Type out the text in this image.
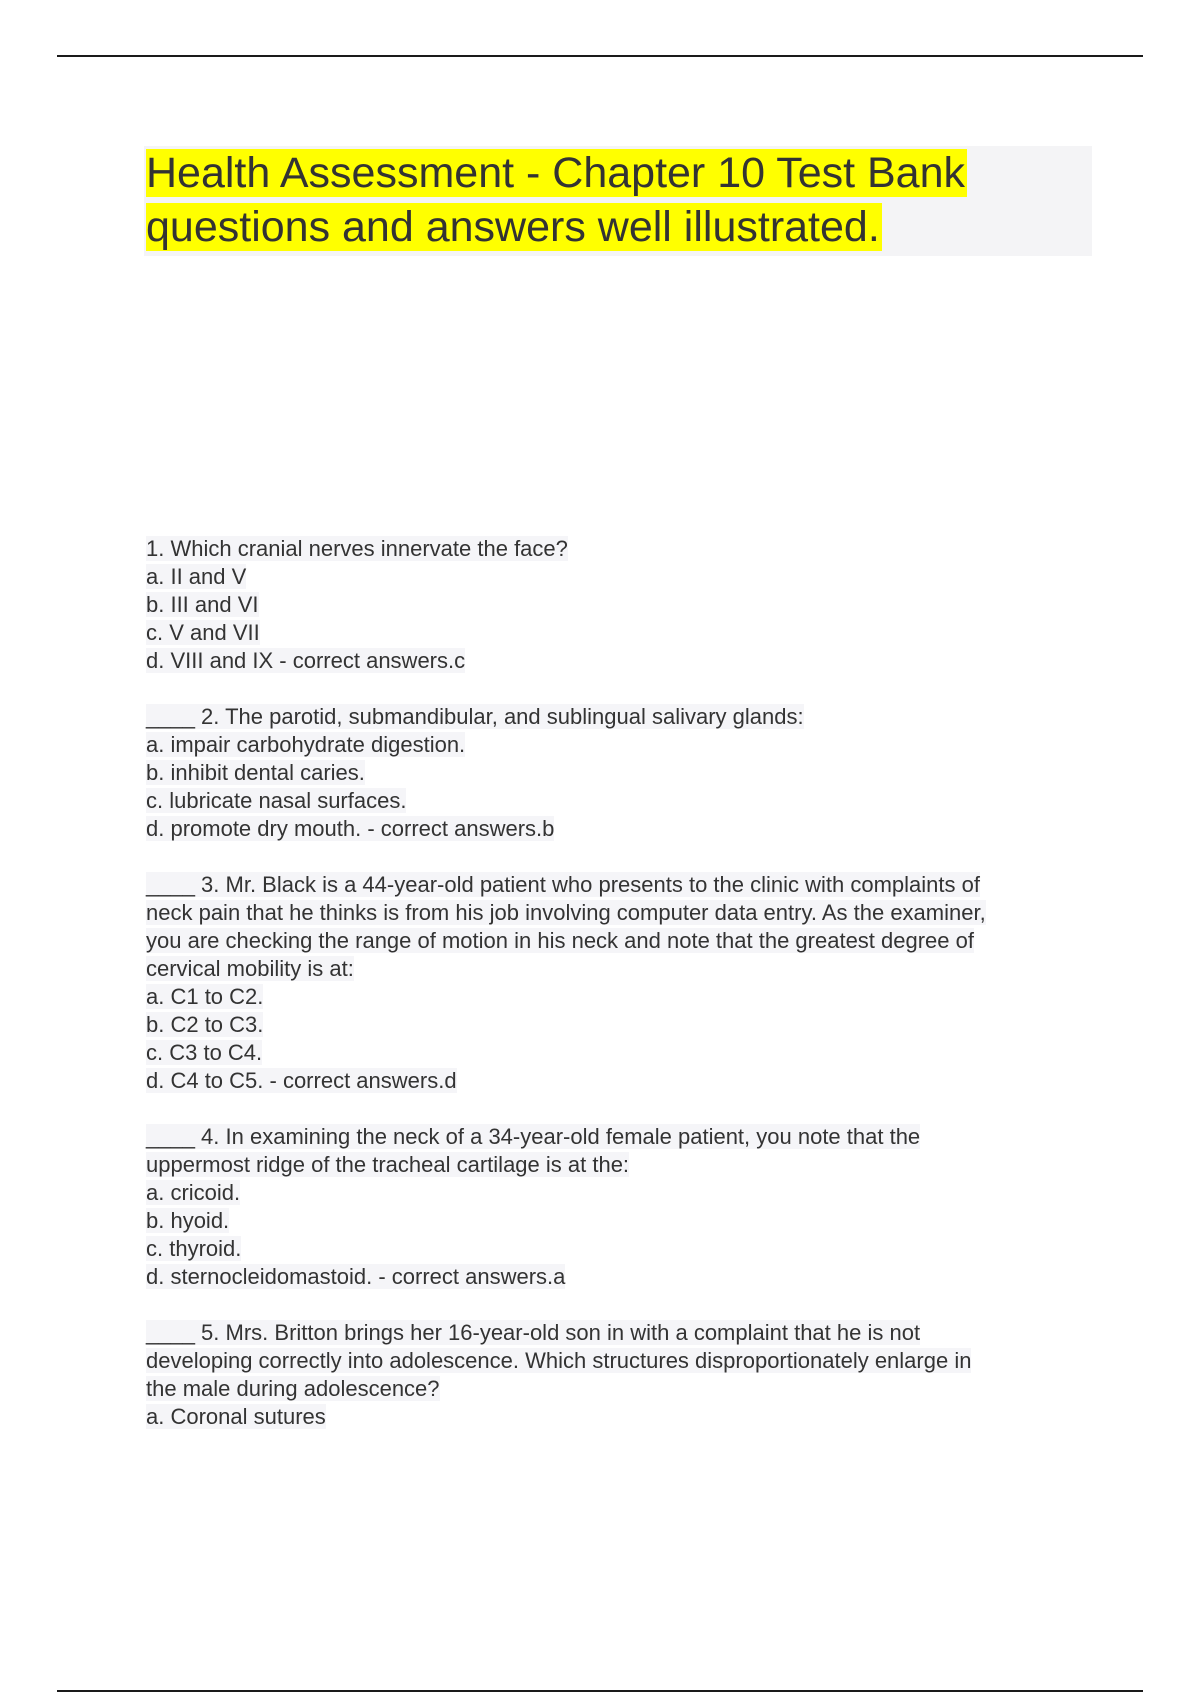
Health Assessment - Chapter 10 Test Bank questions and answers well illustrated.
1. Which cranial nerves innervate the face?
a. II and V
b. III and VI
c. V and VII
d. VIII and IX - correct answers.c
____ 2. The parotid, submandibular, and sublingual salivary glands:
a. impair carbohydrate digestion.
b. inhibit dental caries.
c. lubricate nasal surfaces.
d. promote dry mouth. - correct answers.b
____ 3. Mr. Black is a 44-year-old patient who presents to the clinic with complaints of
neck pain that he thinks is from his job involving computer data entry. As the examiner,
you are checking the range of motion in his neck and note that the greatest degree of
cervical mobility is at:
a. C1 to C2.
b. C2 to C3.
c. C3 to C4.
d. C4 to C5. - correct answers.d
____ 4. In examining the neck of a 34-year-old female patient, you note that the
uppermost ridge of the tracheal cartilage is at the:
a. cricoid.
b. hyoid.
c. thyroid.
d. sternocleidomastoid. - correct answers.a
____ 5. Mrs. Britton brings her 16-year-old son in with a complaint that he is not
developing correctly into adolescence. Which structures disproportionately enlarge in
the male during adolescence?
a. Coronal sutures
